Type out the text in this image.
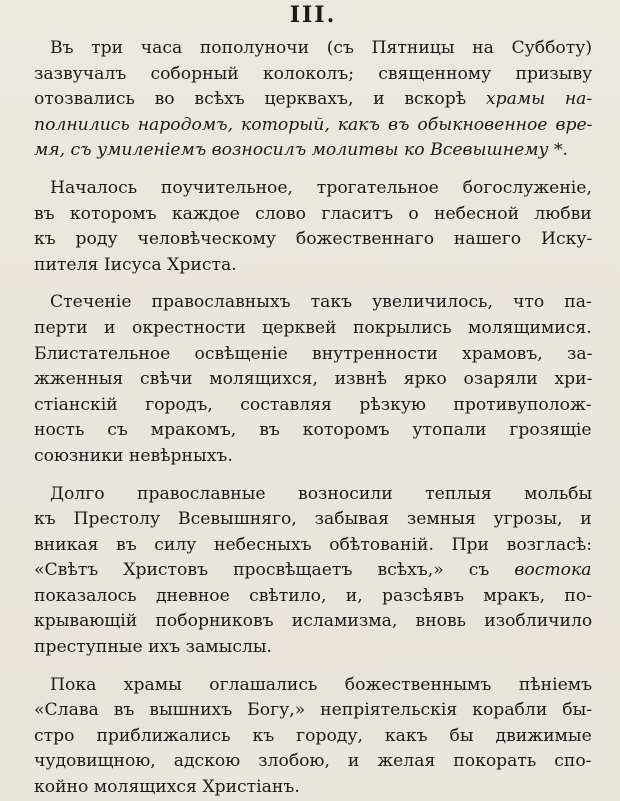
III.
Въ три часа пополуночи (съ Пятницы на Субботу)
зазвучалъ соборный колоколъ; священному призыву
отозвались во всѣхъ церквахъ, и вскорѣ храмы на-
полнились народомъ, который, какъ въ обыкновенное вре-
мя, съ умиленіемъ возносилъ молитвы ко Всевышнему *.
Началось поучительное, трогательное богослуженіе,
въ которомъ каждое слово гласитъ о небесной любви
къ роду человѣческому божественнаго нашего Иску-
пителя Іисуса Христа.
Стеченіе православныхъ такъ увеличилось, что па-
перти и окрестности церквей покрылись молящимися.
Блистательное освѣщеніе внутренности храмовъ, за-
жженныя свѣчи молящихся, извнѣ ярко озаряли хри-
стіанскій городъ, составляя рѣзкую противуполож-
ность съ мракомъ, въ которомъ утопали грозящіе
союзники невѣрныхъ.
Долго православные возносили теплыя мольбы
къ Престолу Всевышняго, забывая земныя угрозы, и
вникая въ силу небесныхъ обѣтованій. При возгласѣ:
«Свѣтъ Христовъ просвѣщаетъ всѣхъ,» съ востока
показалось дневное свѣтило, и, разсѣявъ мракъ, по-
крывающій поборниковъ исламизма, вновь изобличило
преступные ихъ замыслы.
Пока храмы оглашались божественнымъ пѣніемъ
«Слава въ вышнихъ Богу,» непріятельскія корабли бы-
стро приближались къ городу, какъ бы движимые
чудовищною, адскою злобою, и желая покорать спо-
койно молящихся Христіанъ.
